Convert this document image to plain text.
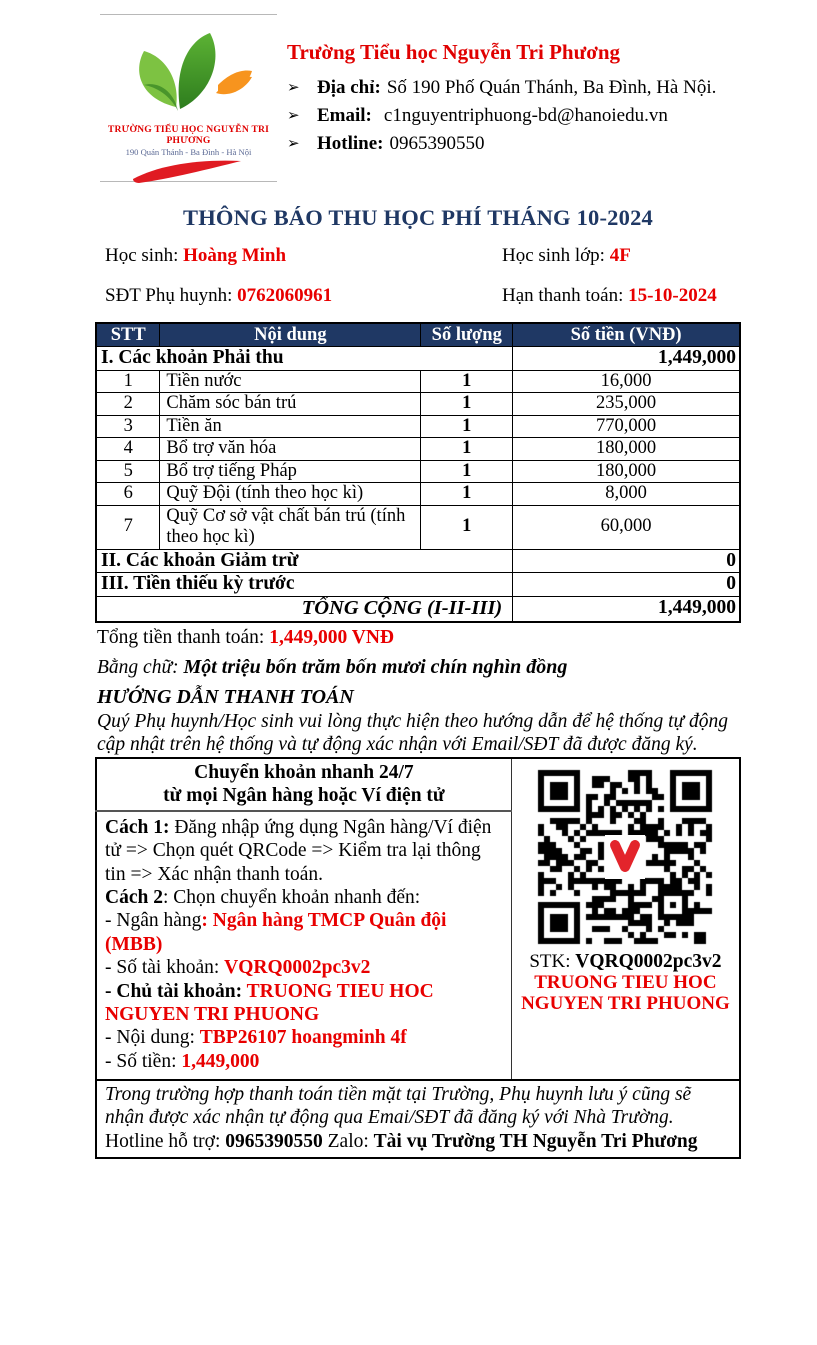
TRƯỜNG TIỂU HỌC NGUYỄN TRI PHƯƠNG
190 Quán Thánh - Ba Đình - Hà Nội
Trường Tiểu học Nguyễn Tri Phương
➢ Địa chỉ: Số 190 Phố Quán Thánh, Ba Đình, Hà Nội.
➢ Email: c1nguyentriphuong-bd@hanoiedu.vn
➢ Hotline: 0965390550
THÔNG BÁO THU HỌC PHÍ THÁNG 10-2024
Học sinh: Hoàng Minh	Học sinh lớp: 4F
SĐT Phụ huynh: 0762060961	Hạn thanh toán: 15-10-2024
STT	Nội dung	Số lượng	Số tiền (VNĐ)
I. Các khoản Phải thu			1,449,000
1	Tiền nước	1	16,000
2	Chăm sóc bán trú	1	235,000
3	Tiền ăn	1	770,000
4	Bổ trợ văn hóa	1	180,000
5	Bổ trợ tiếng Pháp	1	180,000
6	Quỹ Đội (tính theo học kì)	1	8,000
7	Quỹ Cơ sở vật chất bán trú (tính theo học kì)	1	60,000
II. Các khoản Giảm trừ			0
III. Tiền thiếu kỳ trước			0
TỔNG CỘNG (I-II-III)			1,449,000
Tổng tiền thanh toán: 1,449,000 VNĐ
Bằng chữ: Một triệu bốn trăm bốn mươi chín nghìn đồng
HƯỚNG DẪN THANH TOÁN
Quý Phụ huynh/Học sinh vui lòng thực hiện theo hướng dẫn để hệ thống tự động cập nhật trên hệ thống và tự động xác nhận với Email/SĐT đã được đăng ký.
Chuyển khoản nhanh 24/7
từ mọi Ngân hàng hoặc Ví điện tử

STK: VQRQ0002pc3v2
TRUONG TIEU HOC
NGUYEN TRI PHUONG

Cách 1: Đăng nhập ứng dụng Ngân hàng/Ví điện tử => Chọn quét QRCode => Kiểm tra lại thông tin => Xác nhận thanh toán.
Cách 2: Chọn chuyển khoản nhanh đến:
- Ngân hàng: Ngân hàng TMCP Quân đội (MBB)
- Số tài khoản: VQRQ0002pc3v2
- Chủ tài khoản: TRUONG TIEU HOC NGUYEN TRI PHUONG
- Nội dung: TBP26107 hoangminh 4f
- Số tiền: 1,449,000

Trong trường hợp thanh toán tiền mặt tại Trường, Phụ huynh lưu ý cũng sẽ nhận được xác nhận tự động qua Emai/SĐT đã đăng ký với Nhà Trường.
Hotline hỗ trợ: 0965390550 Zalo: Tài vụ Trường TH Nguyễn Tri Phương
